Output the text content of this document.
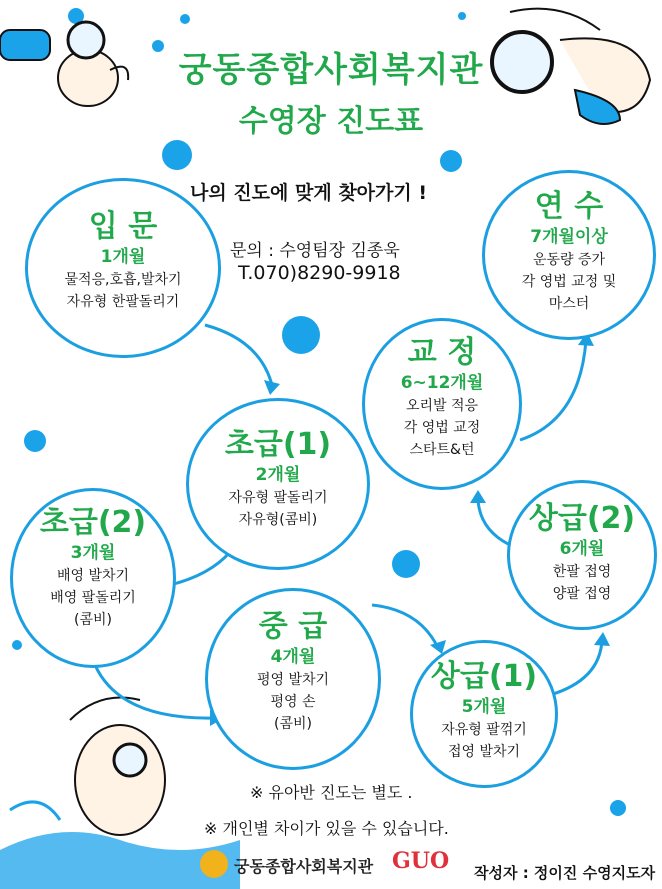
궁동종합사회복지관
수영장 진도표
나의 진도에 맞게 찾아가기 !
문의 : 수영팀장 김종욱
T.070)8290-9918
입 문
1개월
물적응,호흡,발차기
자유형 한팔돌리기
초급(1)
2개월
자유형 팔돌리기
자유형(콤비)
초급(2)
3개월
배영 발차기
배영 팔돌리기
(콤비)	중 급
4개월
평영 발차기
평영 손
(콤비)
상급(1)
5개월
자유형 팔꺾기
접영 발차기
상급(2)
6개월
한팔 접영
양팔 접영
교 정
6~12개월
오리발 적응
각 영법 교정
스타트&턴
연 수
7개월이상
운동량 증가
각 영법 교정 및
마스터
※ 유아반 진도는 별도 .
※ 개인별 차이가 있을 수 있습니다.
궁동종합사회복지관 GUO 작성자 : 정이진 수영지도자
